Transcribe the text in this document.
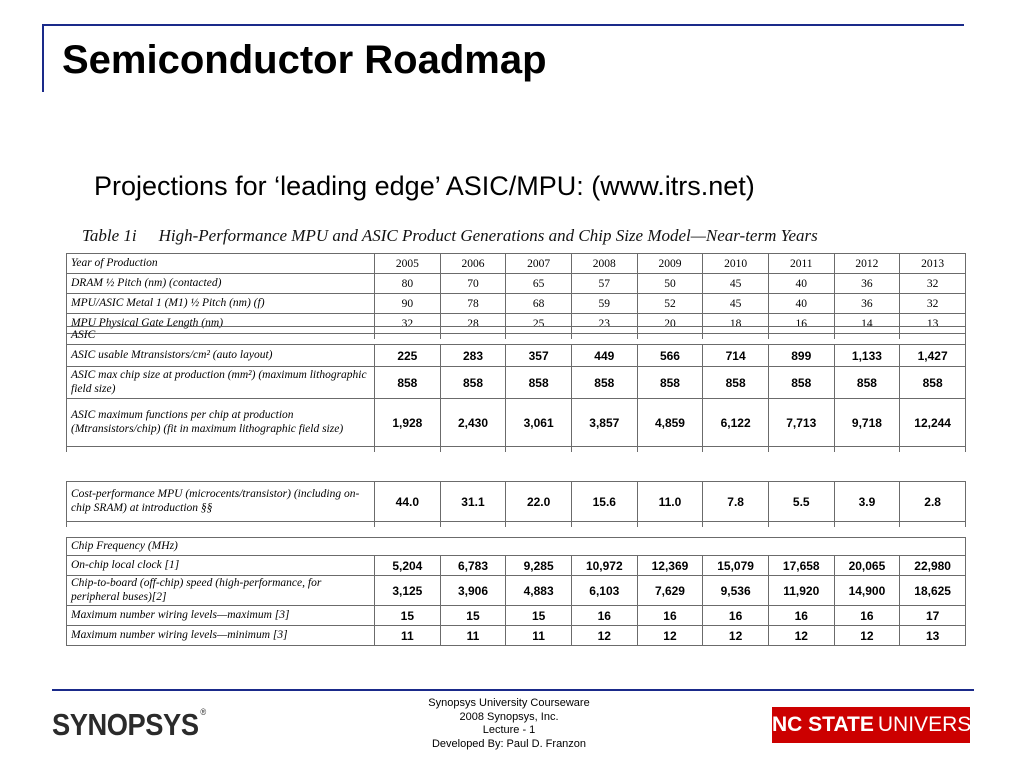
Semiconductor Roadmap
Projections for ‘leading edge’ ASIC/MPU: (www.itrs.net)
Table 1i High-Performance MPU and ASIC Product Generations and Chip Size Model—Near-term Years
Year of Production	2005	2006	2007	2008	2009	2010	2011	2012	2013
DRAM ½ Pitch (nm) (contacted)	80	70	65	57	50	45	40	36	32
MPU/ASIC Metal 1 (M1) ½ Pitch (nm) (f)	90	78	68	59	52	45	40	36	32
MPU Physical Gate Length (nm)	32	28	25	23	20	18	16	14	13

ASIC									
ASIC usable Mtransistors/cm² (auto layout)	225	283	357	449	566	714	899	1,133	1,427
ASIC max chip size at production (mm²) (maximum lithographic field size)	858	858	858	858	858	858	858	858	858
ASIC maximum functions per chip at production (Mtransistors/chip) (fit in maximum lithographic field size)	1,928	2,430	3,061	3,857	4,859	6,122	7,713	9,718	12,244

Cost-performance MPU (microcents/transistor) (including on-chip SRAM) at introduction §§	44.0	31.1	22.0	15.6	11.0	7.8	5.5	3.9	2.8

Chip Frequency (MHz)									
On-chip local clock [1]	5,204	6,783	9,285	10,972	12,369	15,079	17,658	20,065	22,980
Chip-to-board (off-chip) speed (high-performance, for peripheral buses)[2]	3,125	3,906	4,883	6,103	7,629	9,536	11,920	14,900	18,625
Maximum number wiring levels—maximum [3]	15	15	15	16	16	16	16	16	17
Maximum number wiring levels—minimum [3]	11	11	11	12	12	12	12	12	13
SYNOPSYS ®
Synopsys University Courseware
2008 Synopsys, Inc.
Lecture - 1
Developed By: Paul D. Franzon
NC STATE UNIVERSITY
